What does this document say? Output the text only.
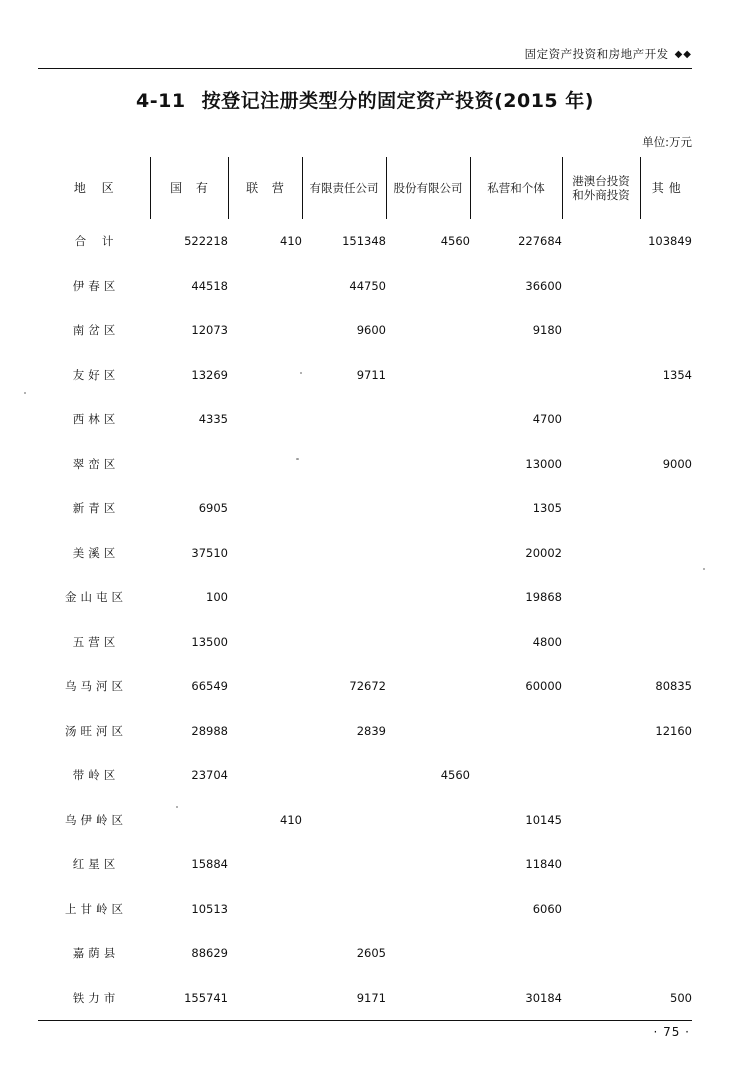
固定资产投资和房地产开发 ◆◆
4-11 按登记注册类型分的固定资产投资(2015 年)
单位:万元
地 区	国 有	联 营	有限责任公司	股份有限公司	私营和个体	港澳台投资
和外商投资	其他
合 计	522218	410	151348	4560	227684		103849
伊春区	44518		44750		36600		
南岔区	12073		9600		9180		
友好区	13269		9711				1354
西林区	4335				4700		
翠峦区					13000		9000
新青区	6905				1305		
美溪区	37510				20002		
金山屯区	100				19868		
五营区	13500				4800		
乌马河区	66549		72672		60000		80835
汤旺河区	28988		2839				12160
带岭区	23704			4560			
乌伊岭区		410			10145		
红星区	15884				11840		
上甘岭区	10513				6060		
嘉荫县	88629		2605				
铁力市	155741		9171		30184		500
· 75 ·
